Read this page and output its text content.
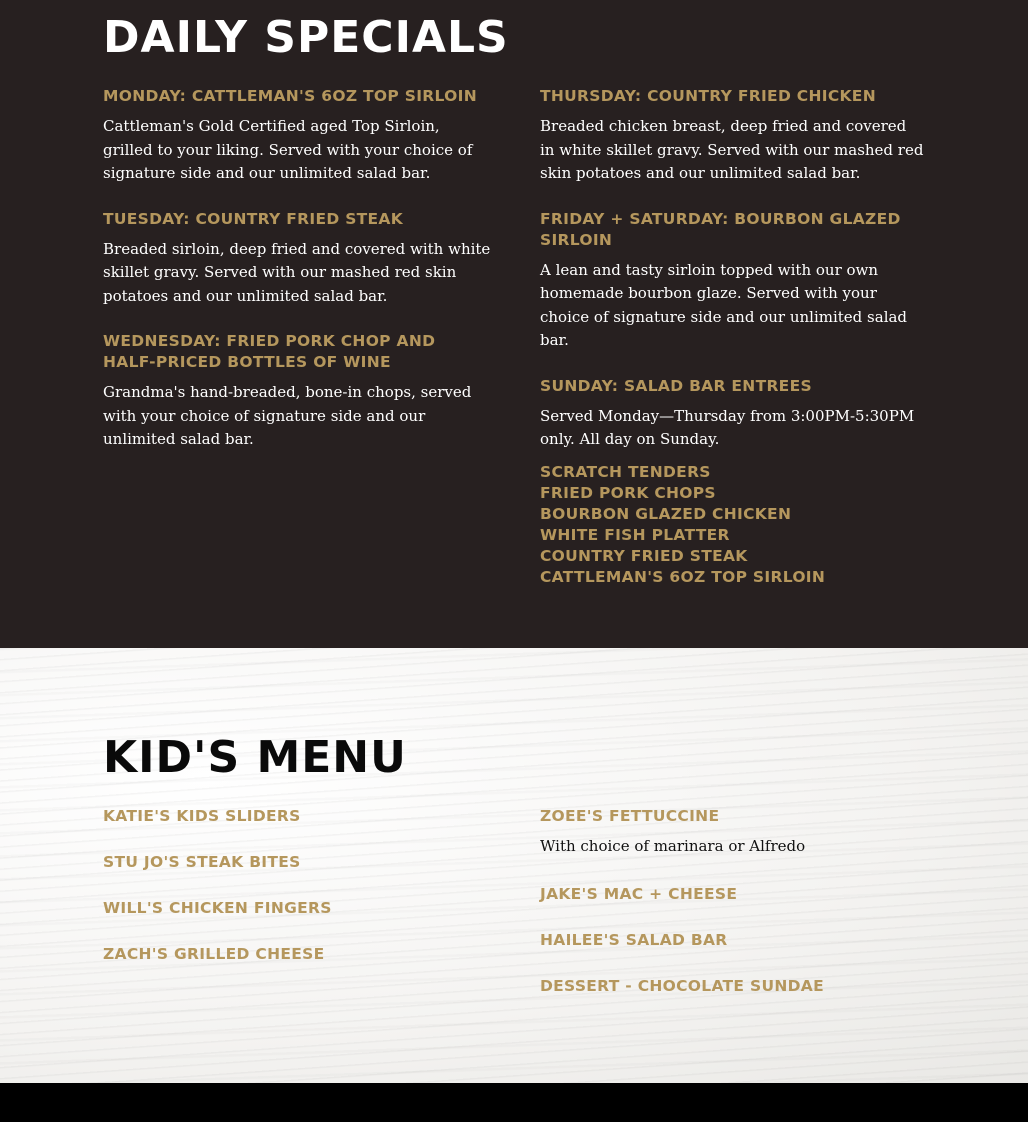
DAILY SPECIALS
MONDAY: CATTLEMAN'S 6OZ TOP SIRLOIN

Cattleman's Gold Certified aged Top Sirloin, grilled to your liking. Served with your choice of signature side and our unlimited salad bar.

TUESDAY: COUNTRY FRIED STEAK

Breaded sirloin, deep fried and covered with white skillet gravy. Served with our mashed red skin potatoes and our unlimited salad bar.

WEDNESDAY: FRIED PORK CHOP AND HALF-PRICED BOTTLES OF WINE

Grandma's hand-breaded, bone-in chops, served with your choice of signature side and our unlimited salad bar.

THURSDAY: COUNTRY FRIED CHICKEN

Breaded chicken breast, deep fried and covered in white skillet gravy. Served with our mashed red skin potatoes and our unlimited salad bar.

FRIDAY + SATURDAY: BOURBON GLAZED SIRLOIN

A lean and tasty sirloin topped with our own homemade bourbon glaze. Served with your choice of signature side and our unlimited salad bar.

SUNDAY: SALAD BAR ENTREES

Served Monday—Thursday from 3:00PM-5:30PM only. All day on Sunday.

SCRATCH TENDERS
FRIED PORK CHOPS
BOURBON GLAZED CHICKEN
WHITE FISH PLATTER
COUNTRY FRIED STEAK
CATTLEMAN'S 6OZ TOP SIRLOIN
KID'S MENU
KATIE'S KIDS SLIDERS
STU JO'S STEAK BITES
WILL'S CHICKEN FINGERS
ZACH'S GRILLED CHEESE
ZOEE'S FETTUCCINE

With choice of marinara or Alfredo

JAKE'S MAC + CHEESE
HAILEE'S SALAD BAR
DESSERT - CHOCOLATE SUNDAE
